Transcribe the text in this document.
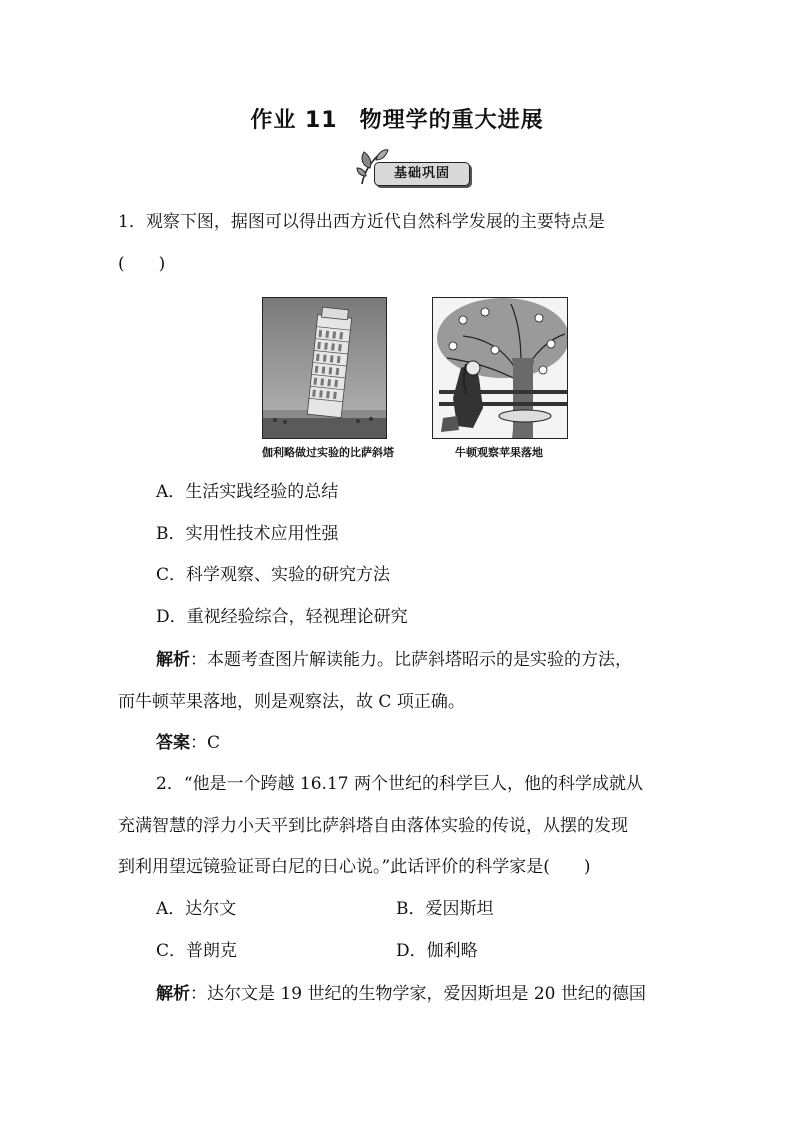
作业 11 物理学的重大进展
基础巩固
1．观察下图，据图可以得出西方近代自然科学发展的主要特点是
(　　)
伽利略做过实验的比萨斜塔	牛顿观察苹果落地
A．生活实践经验的总结
B．实用性技术应用性强
C．科学观察、实验的研究方法
D．重视经验综合，轻视理论研究
解析：本题考查图片解读能力。比萨斜塔昭示的是实验的方法，
而牛顿苹果落地，则是观察法，故 C 项正确。
答案：C
2．“他是一个跨越 16.17 两个世纪的科学巨人，他的科学成就从
充满智慧的浮力小天平到比萨斜塔自由落体实验的传说，从摆的发现
到利用望远镜验证哥白尼的日心说。”此话评价的科学家是(　　)
A．达尔文	B．爱因斯坦
C．普朗克	D．伽利略
解析：达尔文是 19 世纪的生物学家，爱因斯坦是 20 世纪的德国
